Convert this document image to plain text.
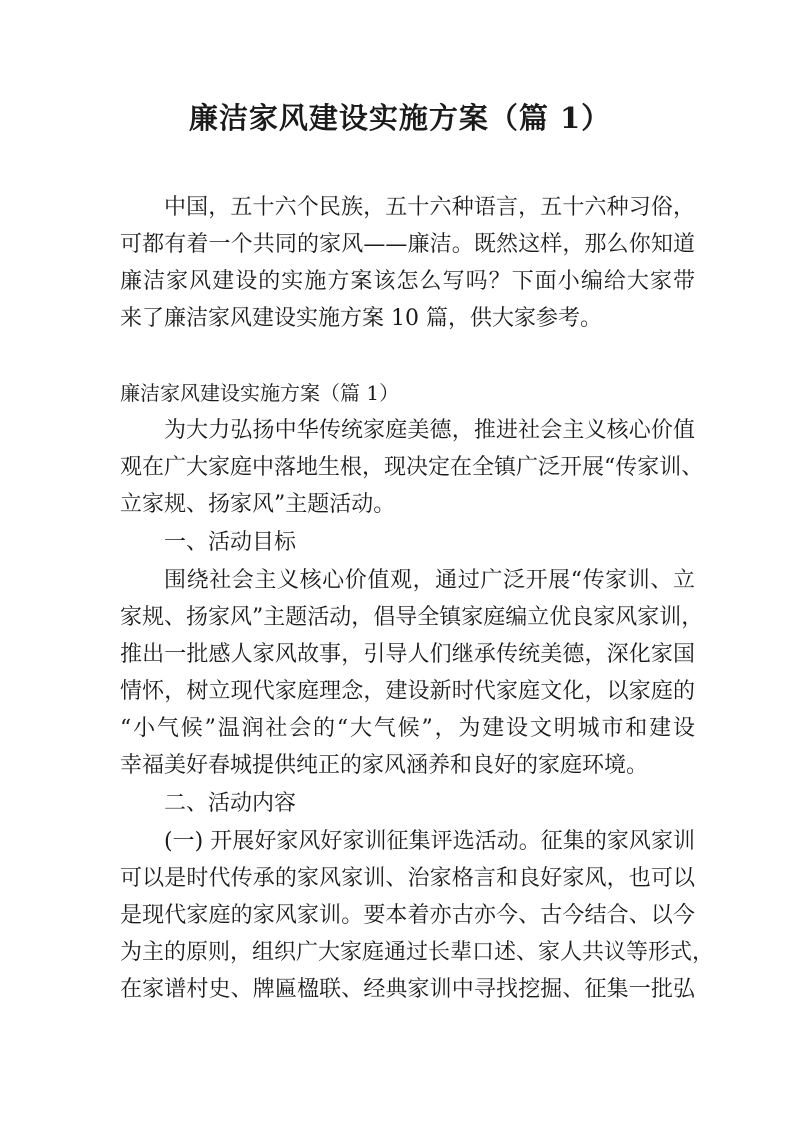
廉洁家风建设实施方案（篇 1）
中国，五十六个民族，五十六种语言，五十六种习俗，
可都有着一个共同的家风——廉洁。既然这样，那么你知道
廉洁家风建设的实施方案该怎么写吗？下面小编给大家带
来了廉洁家风建设实施方案 10 篇，供大家参考。
廉洁家风建设实施方案（篇 1）
为大力弘扬中华传统家庭美德，推进社会主义核心价值
观在广大家庭中落地生根，现决定在全镇广泛开展“传家训、
立家规、扬家风”主题活动。
一、活动目标
围绕社会主义核心价值观，通过广泛开展“传家训、立
家规、扬家风”主题活动，倡导全镇家庭编立优良家风家训，
推出一批感人家风故事，引导人们继承传统美德，深化家国
情怀，树立现代家庭理念，建设新时代家庭文化，以家庭的
“小气候”温润社会的“大气候”，为建设文明城市和建设
幸福美好春城提供纯正的家风涵养和良好的家庭环境。
二、活动内容
(一) 开展好家风好家训征集评选活动。征集的家风家训
可以是时代传承的家风家训、治家格言和良好家风，也可以
是现代家庭的家风家训。要本着亦古亦今、古今结合、以今
为主的原则，组织广大家庭通过长辈口述、家人共议等形式，
在家谱村史、牌匾楹联、经典家训中寻找挖掘、征集一批弘
